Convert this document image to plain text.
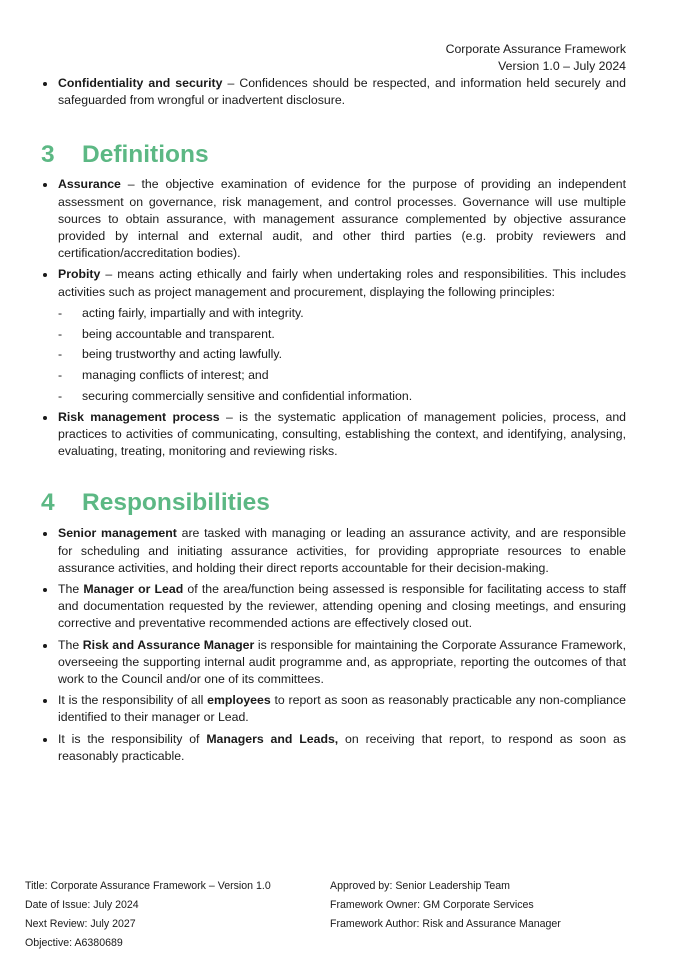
Corporate Assurance Framework
Version 1.0 – July 2024
Confidentiality and security – Confidences should be respected, and information held securely and safeguarded from wrongful or inadvertent disclosure.
3	Definitions
Assurance – the objective examination of evidence for the purpose of providing an independent assessment on governance, risk management, and control processes. Governance will use multiple sources to obtain assurance, with management assurance complemented by objective assurance provided by internal and external audit, and other third parties (e.g. probity reviewers and certification/accreditation bodies).
Probity – means acting ethically and fairly when undertaking roles and responsibilities. This includes activities such as project management and procurement, displaying the following principles:
- acting fairly, impartially and with integrity.
- being accountable and transparent.
- being trustworthy and acting lawfully.
- managing conflicts of interest; and
- securing commercially sensitive and confidential information.
Risk management process – is the systematic application of management policies, process, and practices to activities of communicating, consulting, establishing the context, and identifying, analysing, evaluating, treating, monitoring and reviewing risks.
4	Responsibilities
Senior management are tasked with managing or leading an assurance activity, and are responsible for scheduling and initiating assurance activities, for providing appropriate resources to enable assurance activities, and holding their direct reports accountable for their decision-making.
The Manager or Lead of the area/function being assessed is responsible for facilitating access to staff and documentation requested by the reviewer, attending opening and closing meetings, and ensuring corrective and preventative recommended actions are effectively closed out.
The Risk and Assurance Manager is responsible for maintaining the Corporate Assurance Framework, overseeing the supporting internal audit programme and, as appropriate, reporting the outcomes of that work to the Council and/or one of its committees.
It is the responsibility of all employees to report as soon as reasonably practicable any non-compliance identified to their manager or Lead.
It is the responsibility of Managers and Leads, on receiving that report, to respond as soon as reasonably practicable.
Title: Corporate Assurance Framework – Version 1.0
Date of Issue: July 2024
Next Review: July 2027
Objective: A6380689
Approved by: Senior Leadership Team
Framework Owner: GM Corporate Services
Framework Author: Risk and Assurance Manager
